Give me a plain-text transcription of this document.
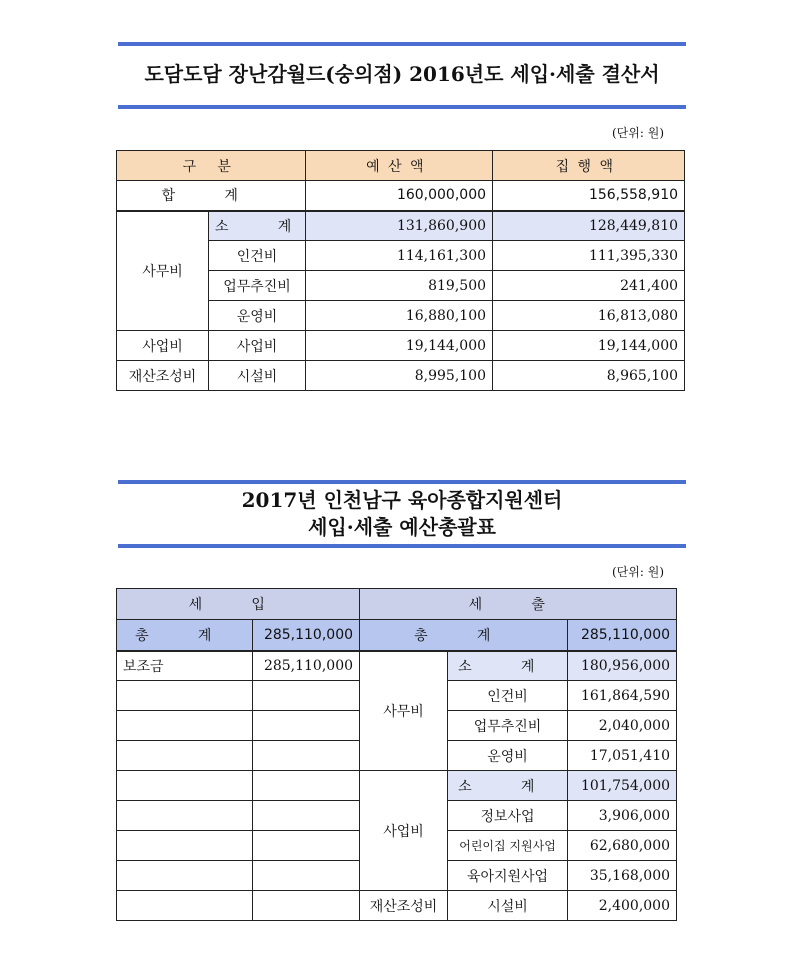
도담도담 장난감월드(숭의점) 2016년도 세입·세출 결산서
(단위: 원)
구 분		예산액	집행액
합 계		160,000,000	156,558,910
사무비	소 계	131,860,900	128,449,810
	인건비	114,161,300	111,395,330
	업무추진비	819,500	241,400
	운영비	16,880,100	16,813,080
사업비	사업비	19,144,000	19,144,000
재산조성비	시설비	8,995,100	8,965,100
2017년 인천남구 육아종합지원센터
세입·세출 예산총괄표
(단위: 원)
세 입		세 출		
총 계	285,110,000	총 계		285,110,000
보조금	285,110,000	사무비	소 계	180,956,000
			인건비	161,864,590
			업무추진비	2,040,000
			운영비	17,051,410
		사업비	소 계	101,754,000
			정보사업	3,906,000
			어린이집 지원사업	62,680,000
			육아지원사업	35,168,000
		재산조성비	시설비	2,400,000
